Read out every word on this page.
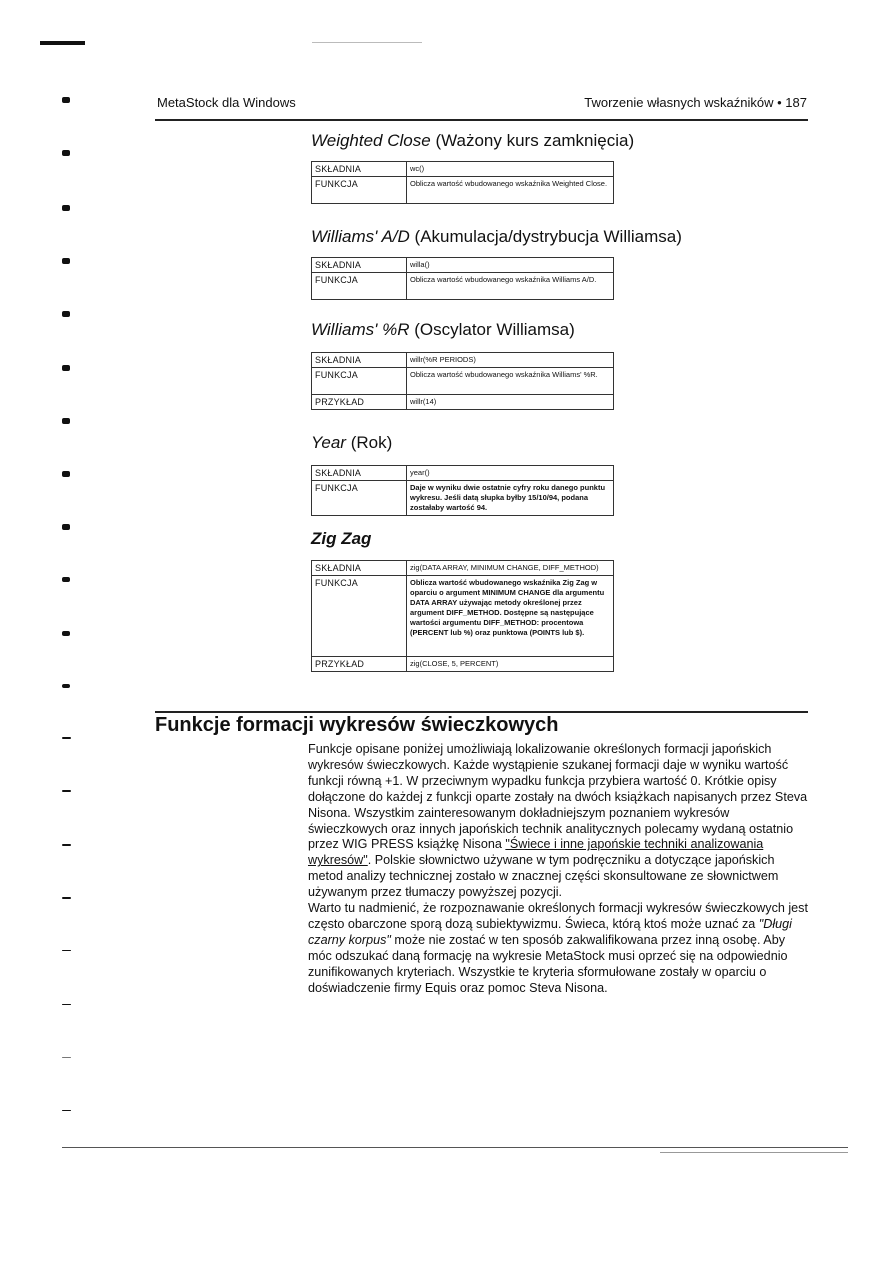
MetaStock dla Windows	Tworzenie własnych wskaźników • 187
Weighted Close (Ważony kurs zamknięcia)
SKŁADNIA	wc()
FUNKCJA	Oblicza wartość wbudowanego wskaźnika Weighted Close.
Williams' A/D (Akumulacja/dystrybucja Williamsa)
SKŁADNIA	willa()
FUNKCJA	Oblicza wartość wbudowanego wskaźnika Williams A/D.
Williams' %R (Oscylator Williamsa)
SKŁADNIA	willr(%R PERIODS)
FUNKCJA	Oblicza wartość wbudowanego wskaźnika Williams' %R.
PRZYKŁAD	willr(14)
Year (Rok)
SKŁADNIA	year()
FUNKCJA	Daje w wyniku dwie ostatnie cyfry roku danego punktu wykresu. Jeśli datą słupka byłby 15/10/94, podana zostałaby wartość 94.
Zig Zag
SKŁADNIA	zig(DATA ARRAY, MINIMUM CHANGE, DIFF_METHOD)
FUNKCJA	Oblicza wartość wbudowanego wskaźnika Zig Zag w oparciu o argument MINIMUM CHANGE dla argumentu DATA ARRAY używając metody określonej przez argument DIFF_METHOD. Dostępne są następujące wartości argumentu DIFF_METHOD: procentowa (PERCENT lub %) oraz punktowa (POINTS lub $).
PRZYKŁAD	zig(CLOSE, 5, PERCENT)
Funkcje formacji wykresów świeczkowych

Funkcje opisane poniżej umożliwiają lokalizowanie określonych formacji japońskich wykresów świeczkowych. Każde wystąpienie szukanej formacji daje w wyniku wartość funkcji równą +1. W przeciwnym wypadku funkcja przybiera wartość 0. Krótkie opisy dołączone do każdej z funkcji oparte zostały na dwóch książkach napisanych przez Steva Nisona. Wszystkim zainteresowanym dokładniejszym poznaniem wykresów świeczkowych oraz innych japońskich technik analitycznych polecamy wydaną ostatnio przez WIG PRESS książkę Nisona "Świece i inne japońskie techniki analizowania wykresów". Polskie słownictwo używane w tym podręczniku a dotyczące japońskich metod analizy technicznej zostało w znacznej części skonsultowane ze słownictwem używanym przez tłumaczy powyższej pozycji.

Warto tu nadmienić, że rozpoznawanie określonych formacji wykresów świeczkowych jest często obarczone sporą dozą subiektywizmu. Świeca, którą ktoś może uznać za "Długi czarny korpus" może nie zostać w ten sposób zakwalifikowana przez inną osobę. Aby móc odszukać daną formację na wykresie MetaStock musi oprzeć się na odpowiednio zunifikowanych kryteriach. Wszystkie te kryteria sformułowane zostały w oparciu o doświadczenie firmy Equis oraz pomoc Steva Nisona.
